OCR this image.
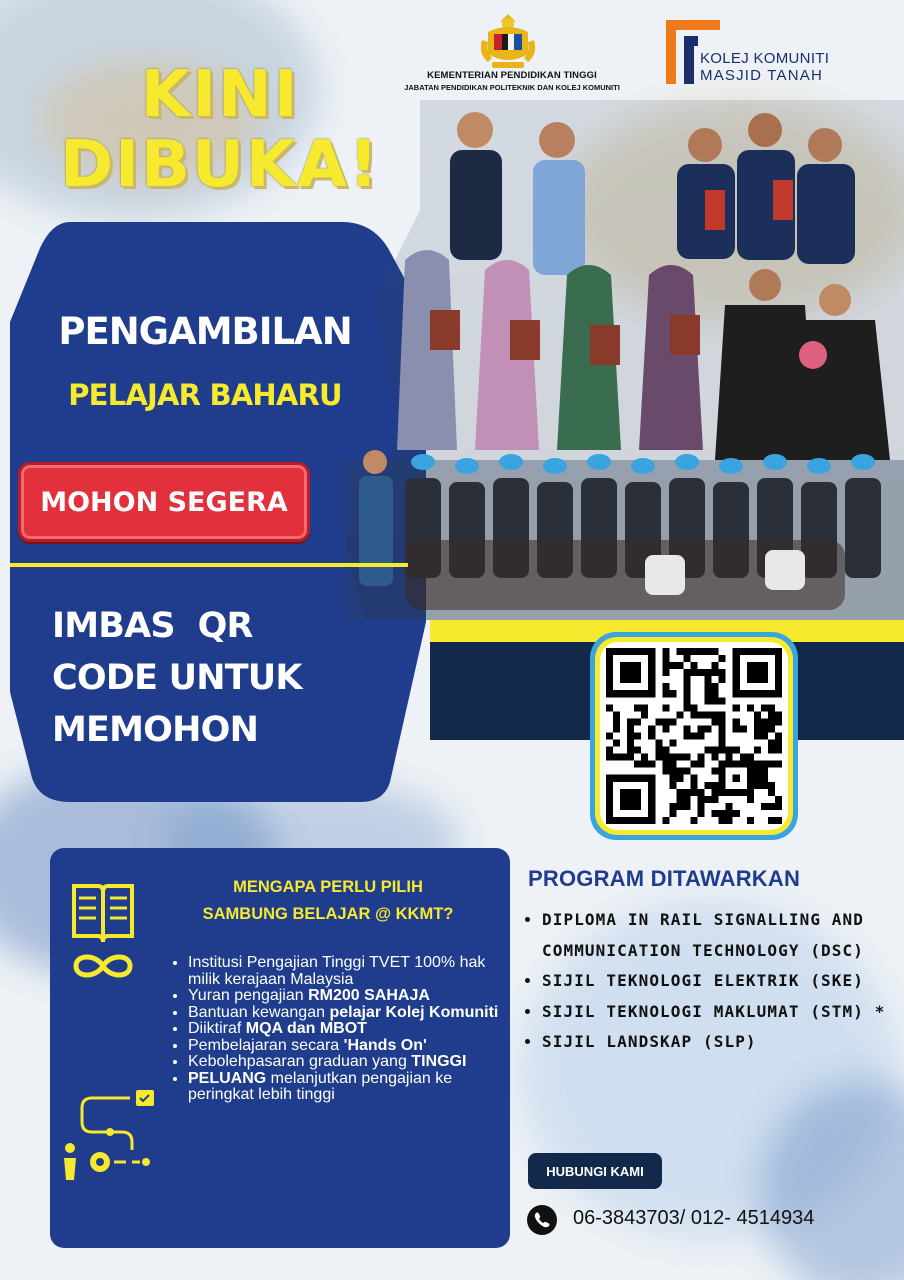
KEMENTERIAN PENDIDIKAN TINGGI
JABATAN PENDIDIKAN POLITEKNIK DAN KOLEJ KOMUNITI
KOLEJ KOMUNITI
MASJID TANAH
KINI
DIBUKA!
PENGAMBILAN
PELAJAR BAHARU
MOHON SEGERA
IMBAS  QR
CODE UNTUK
MEMOHON
MENGAPA PERLU PILIH
SAMBUNG BELAJAR @ KKMT?
• Institusi Pengajian Tinggi TVET 100% hak milik kerajaan Malaysia
• Yuran pengajian RM200 SAHAJA
• Bantuan kewangan pelajar Kolej Komuniti
• Diiktiraf MQA dan MBOT
• Pembelajaran secara 'Hands On'
• Kebolehpasaran graduan yang TINGGI
• PELUANG melanjutkan pengajian ke peringkat lebih tinggi
PROGRAM DITAWARKAN
• DIPLOMA IN RAIL SIGNALLING AND COMMUNICATION TECHNOLOGY (DSC)
• SIJIL TEKNOLOGI ELEKTRIK (SKE)
• SIJIL TEKNOLOGI MAKLUMAT (STM) *
• SIJIL LANDSKAP (SLP)
HUBUNGI KAMI
06-3843703/ 012- 4514934
